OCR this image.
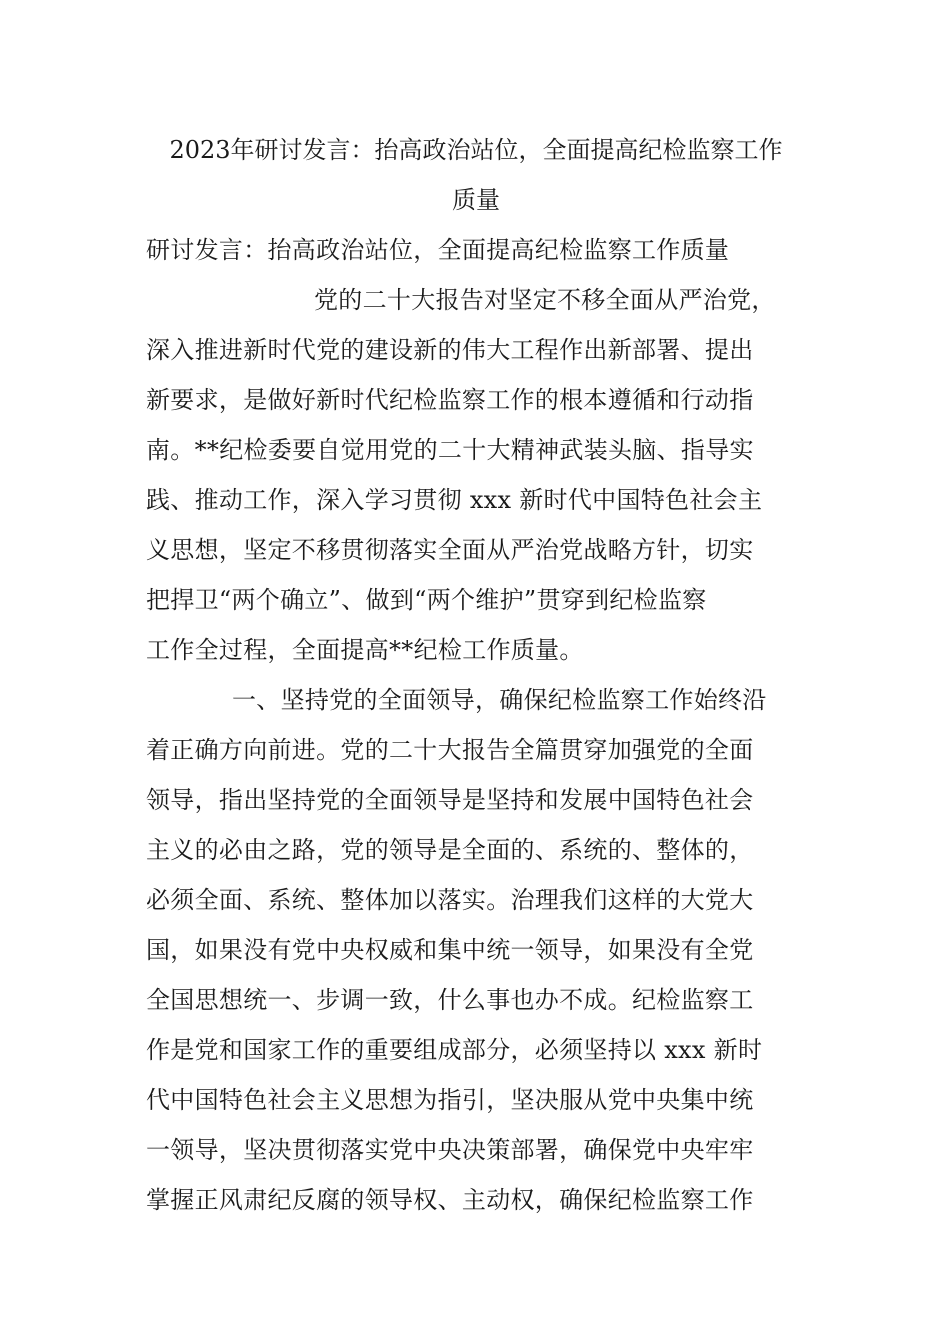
2023年研讨发言：抬高政治站位，全面提高纪检监察工作
质量

研讨发言：抬高政治站位，全面提高纪检监察工作质量

党的二十大报告对坚定不移全面从严治党，

深入推进新时代党的建设新的伟大工程作出新部署、提出

新要求，是做好新时代纪检监察工作的根本遵循和行动指

南。**纪检委要自觉用党的二十大精神武装头脑、指导实

践、推动工作，深入学习贯彻 xxx 新时代中国特色社会主

义思想，坚定不移贯彻落实全面从严治党战略方针，切实

把捍卫“两个确立”、做到“两个维护”贯穿到纪检监察

工作全过程，全面提高**纪检工作质量。

一、坚持党的全面领导，确保纪检监察工作始终沿

着正确方向前进。党的二十大报告全篇贯穿加强党的全面

领导，指出坚持党的全面领导是坚持和发展中国特色社会

主义的必由之路，党的领导是全面的、系统的、整体的，

必须全面、系统、整体加以落实。治理我们这样的大党大

国，如果没有党中央权威和集中统一领导，如果没有全党

全国思想统一、步调一致，什么事也办不成。纪检监察工

作是党和国家工作的重要组成部分，必须坚持以 xxx 新时

代中国特色社会主义思想为指引，坚决服从党中央集中统

一领导，坚决贯彻落实党中央决策部署，确保党中央牢牢

掌握正风肃纪反腐的领导权、主动权，确保纪检监察工作
